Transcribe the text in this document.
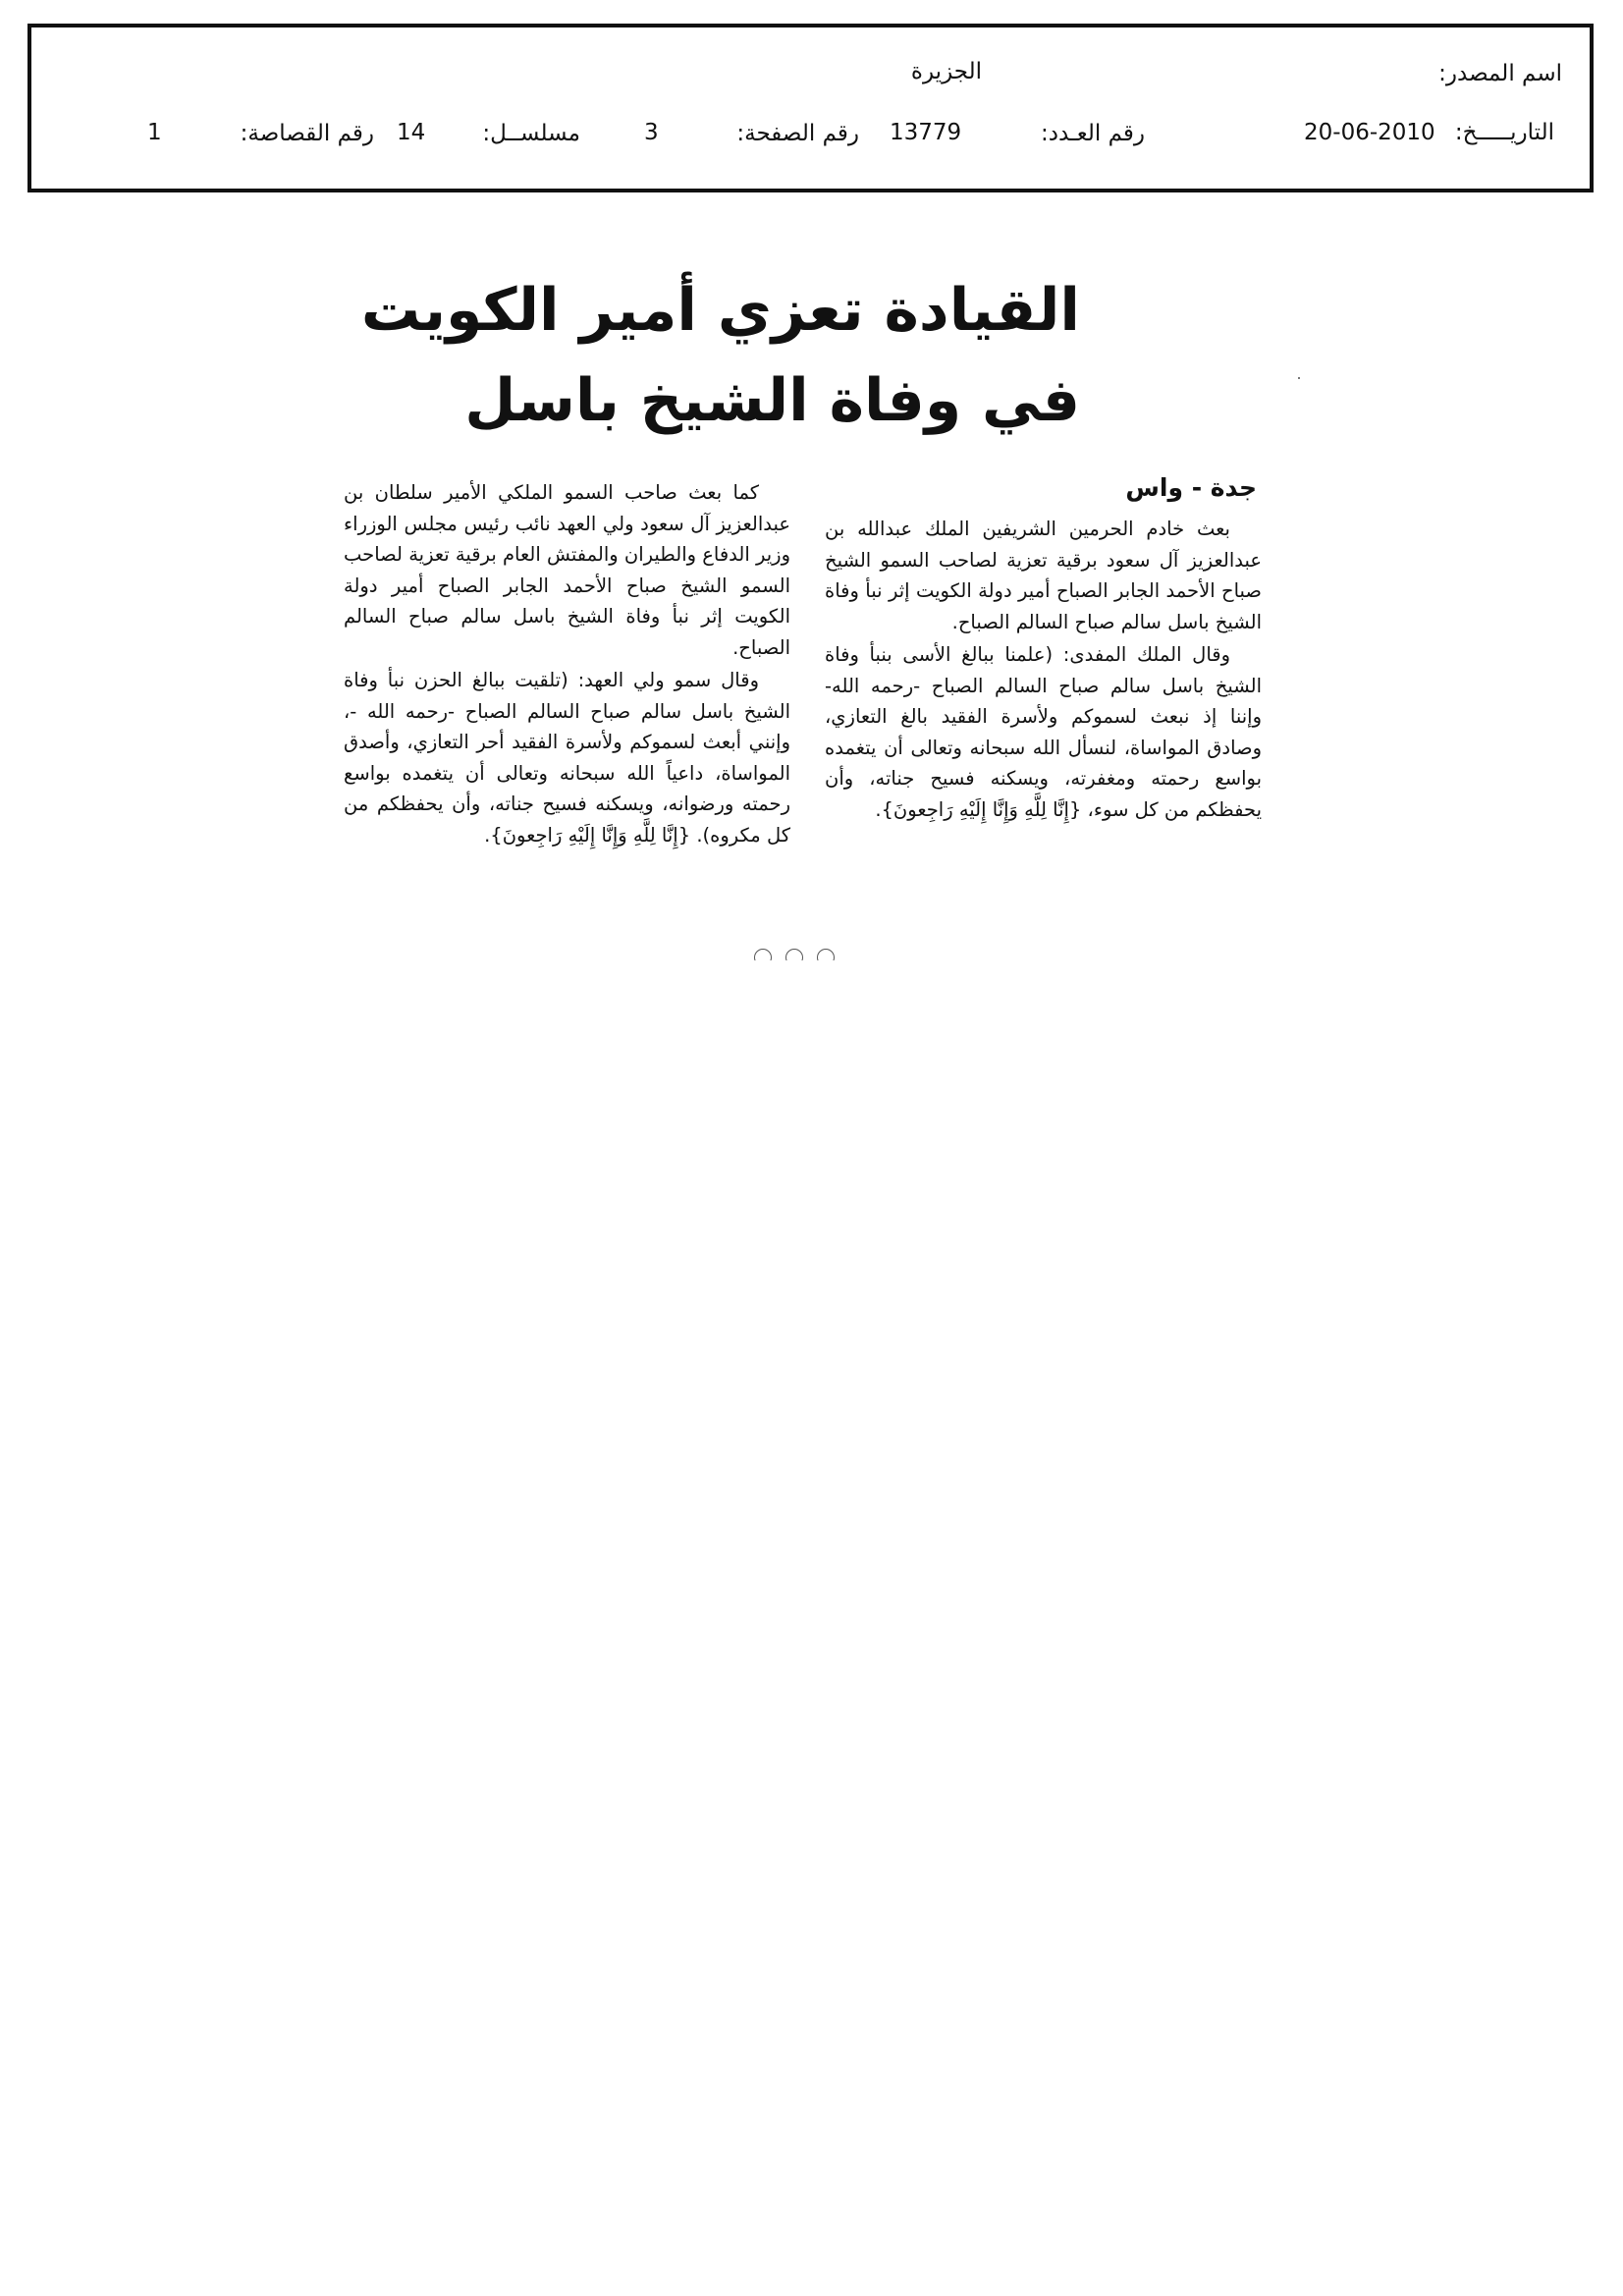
اسم المصدر:
الجزيرة
التاريـــــخ:
20-06-2010
رقم العـدد:
13779
رقم الصفحة:
3
مسلســل:
14
رقم القصاصة:
1
القيادة تعزي أمير الكويت
في وفاة الشيخ باسل
جدة - واس

بعث خادم الحرمين الشريفين الملك عبدالله بن عبدالعزيز آل سعود برقية تعزية لصاحب السمو الشيخ صباح الأحمد الجابر الصباح أمير دولة الكويت إثر نبأ وفاة الشيخ باسل سالم صباح السالم الصباح.

وقال الملك المفدى: (علمنا ببالغ الأسى بنبأ وفاة الشيخ باسل سالم صباح السالم الصباح -رحمه الله- وإننا إذ نبعث لسموكم ولأسرة الفقيد بالغ التعازي، وصادق المواساة، لنسأل الله سبحانه وتعالى أن يتغمده بواسع رحمته ومغفرته، ويسكنه فسيح جناته، وأن يحفظكم من كل سوء، {إِنَّا لِلَّهِ وَإِنَّا إِلَيْهِ رَاجِعونَ}.

كما بعث صاحب السمو الملكي الأمير سلطان بن عبدالعزيز آل سعود ولي العهد نائب رئيس مجلس الوزراء وزير الدفاع والطيران والمفتش العام برقية تعزية لصاحب السمو الشيخ صباح الأحمد الجابر الصباح أمير دولة الكويت إثر نبأ وفاة الشيخ باسل سالم صباح السالم الصباح.

وقال سمو ولي العهد: (تلقيت ببالغ الحزن نبأ وفاة الشيخ باسل سالم صباح السالم الصباح -رحمه الله -، وإنني أبعث لسموكم ولأسرة الفقيد أحر التعازي، وأصدق المواساة، داعياً الله سبحانه وتعالى أن يتغمده بواسع رحمته ورضوانه، ويسكنه فسيح جناته، وأن يحفظكم من كل مكروه). {إِنَّا لِلَّهِ وَإِنَّا إِلَيْهِ رَاجِعونَ}.
